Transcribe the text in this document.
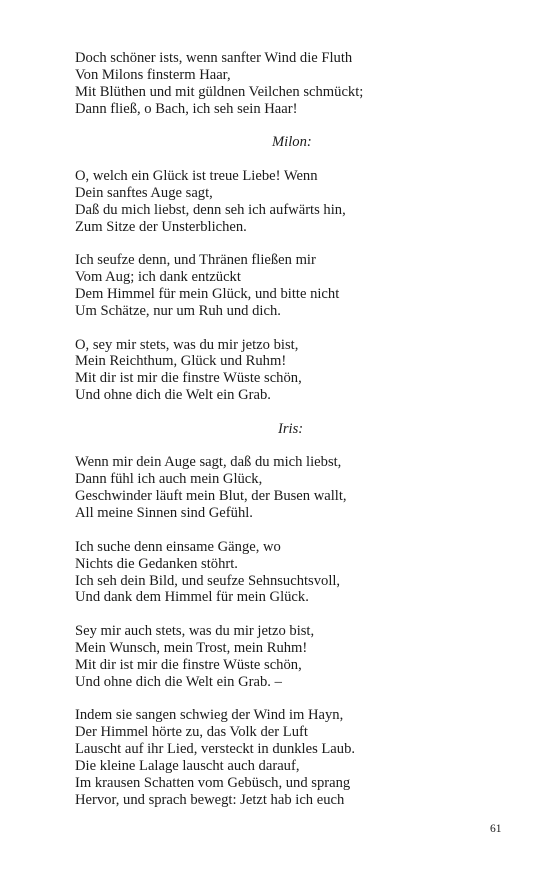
Doch schöner ists, wenn sanfter Wind die Fluth
Von Milons finsterm Haar,
Mit Blüthen und mit güldnen Veilchen schmückt;
Dann fließ, o Bach, ich seh sein Haar!
Milon:
O, welch ein Glück ist treue Liebe! Wenn
Dein sanftes Auge sagt,
Daß du mich liebst, denn seh ich aufwärts hin,
Zum Sitze der Unsterblichen.
Ich seufze denn, und Thränen fließen mir
Vom Aug; ich dank entzückt
Dem Himmel für mein Glück, und bitte nicht
Um Schätze, nur um Ruh und dich.
O, sey mir stets, was du mir jetzo bist,
Mein Reichthum, Glück und Ruhm!
Mit dir ist mir die finstre Wüste schön,
Und ohne dich die Welt ein Grab.
Iris:
Wenn mir dein Auge sagt, daß du mich liebst,
Dann fühl ich auch mein Glück,
Geschwinder läuft mein Blut, der Busen wallt,
All meine Sinnen sind Gefühl.
Ich suche denn einsame Gänge, wo
Nichts die Gedanken stöhrt.
Ich seh dein Bild, und seufze Sehnsuchtsvoll,
Und dank dem Himmel für mein Glück.
Sey mir auch stets, was du mir jetzo bist,
Mein Wunsch, mein Trost, mein Ruhm!
Mit dir ist mir die finstre Wüste schön,
Und ohne dich die Welt ein Grab. –
Indem sie sangen schwieg der Wind im Hayn,
Der Himmel hörte zu, das Volk der Luft
Lauscht auf ihr Lied, versteckt in dunkles Laub.
Die kleine Lalage lauscht auch darauf,
Im krausen Schatten vom Gebüsch, und sprang
Hervor, und sprach bewegt: Jetzt hab ich euch
61
